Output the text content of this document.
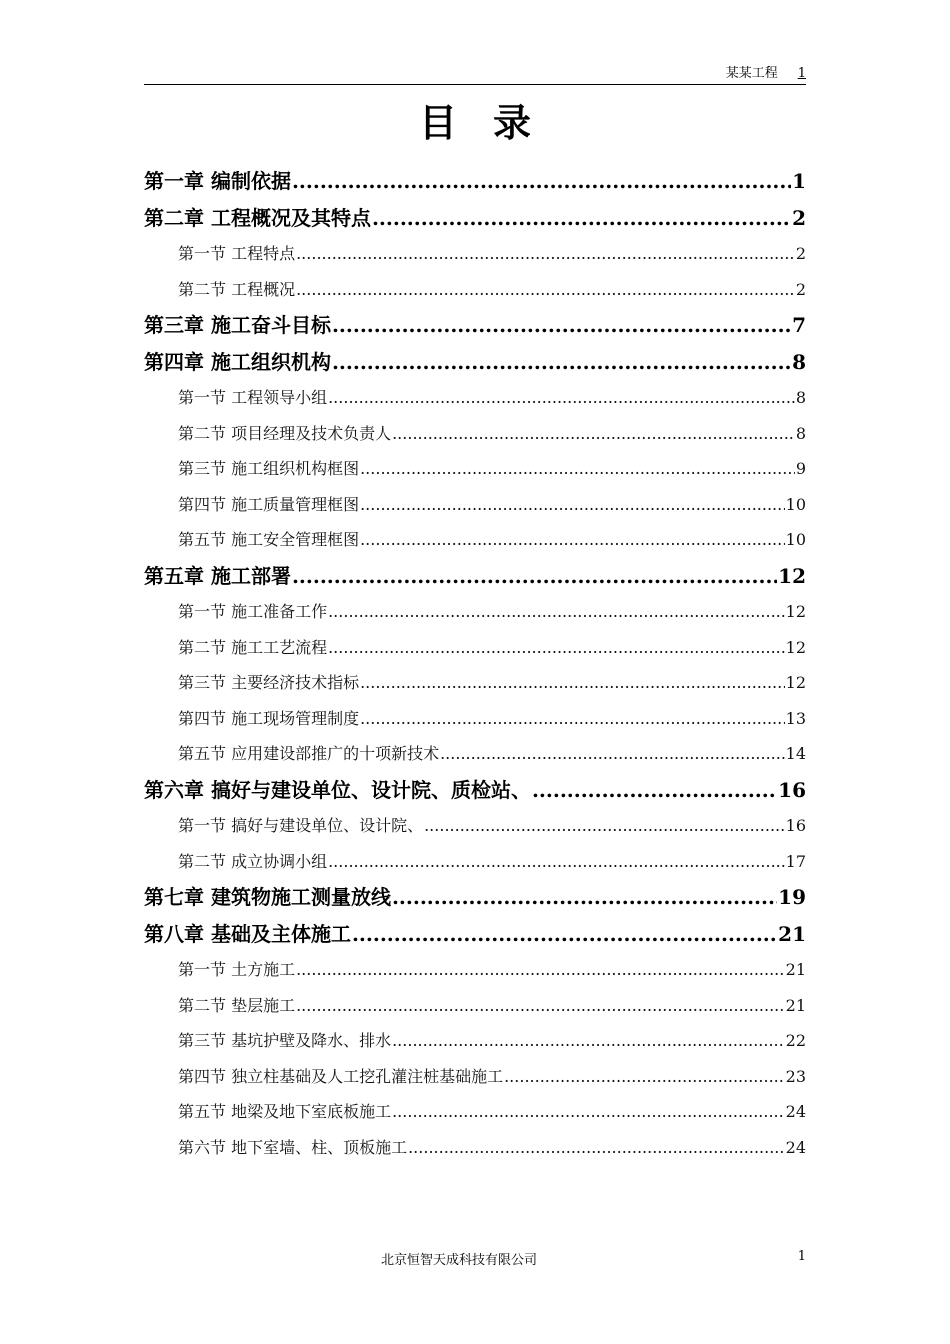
某某工程 1
目录
第一章 编制依据 .....	1
第二章 工程概况及其特点 .....	2
第一节 工程特点 .....	2
第二节 工程概况 .....	2
第三章 施工奋斗目标 .....	7
第四章 施工组织机构 .....	8
第一节 工程领导小组 .....	8
第二节 项目经理及技术负责人 .....	8
第三节 施工组织机构框图 .....	9
第四节 施工质量管理框图 .....	10
第五节 施工安全管理框图 .....	10
第五章 施工部署 .....	12
第一节 施工准备工作 .....	12
第二节 施工工艺流程 .....	12
第三节 主要经济技术指标 .....	12
第四节 施工现场管理制度 .....	13
第五节 应用建设部推广的十项新技术 .....	14
第六章 搞好与建设单位、设计院、质检站、 .....	16
第一节 搞好与建设单位、设计院、 .....	16
第二节 成立协调小组 .....	17
第七章 建筑物施工测量放线 .....	19
第八章 基础及主体施工 .....	21
第一节 土方施工 .....	21
第二节 垫层施工 .....	21
第三节 基坑护壁及降水、排水 .....	22
第四节 独立柱基础及人工挖孔灌注桩基础施工 .....	23
第五节 地梁及地下室底板施工 .....	24
第六节 地下室墙、柱、顶板施工 .....	24
北京恒智天成科技有限公司	1
